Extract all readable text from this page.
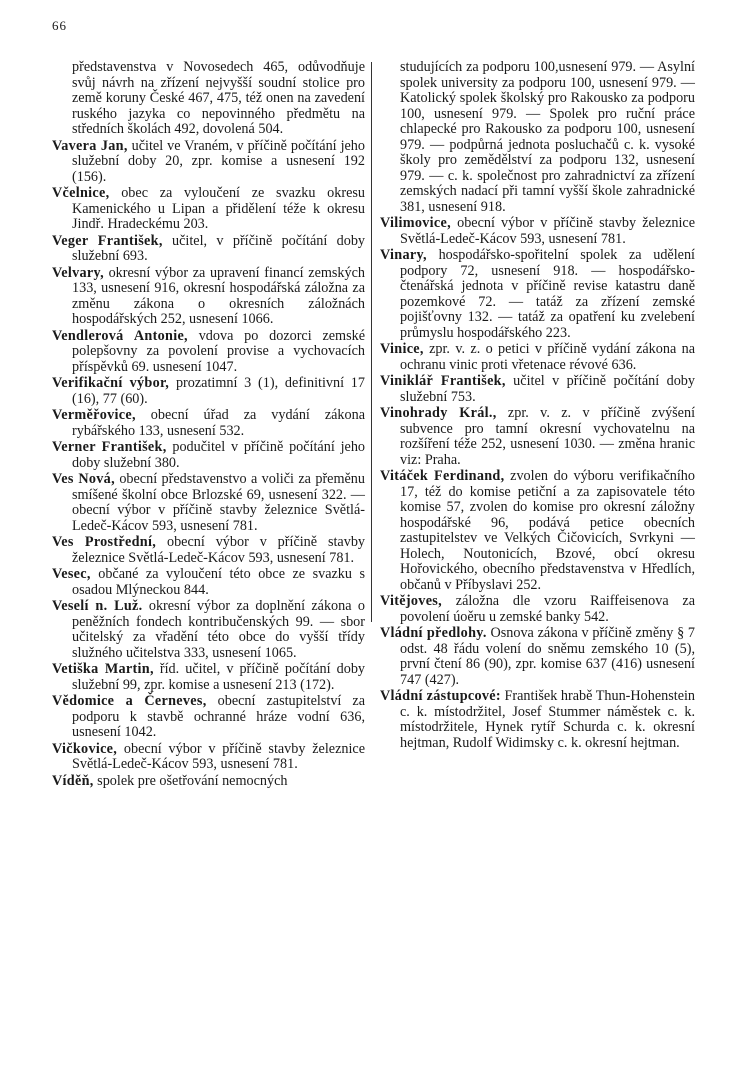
66

představenstva v Novosedech 465, odůvodňuje svůj návrh na zřízení nejvyšší soudní stolice pro země koruny České 467, 475, též onen na zavedení ruského jazyka co nepovinného předmětu na středních školách 492, dovolená 504.

Vavera Jan, učitel ve Vraném, v příčině počítání jeho služební doby 20, zpr. komise a usnesení 192 (156).

Včelnice, obec za vyloučení ze svazku okresu Kamenického u Lipan a přidělení téže k okresu Jindř. Hradeckému 203.

Veger František, učitel, v příčině počítání doby služební 693.

Velvary, okresní výbor za upravení financí zemských 133, usnesení 916, okresní hospodářská záložna za změnu zákona o okresních záložnách hospodářských 252, usnesení 1066.

Vendlerová Antonie, vdova po dozorci zemské polepšovny za povolení provise a vychovacích příspěvků 69. usnesení 1047.

Verifikační výbor, prozatimní 3 (1), definitivní 17 (16), 77 (60).

Verměřovice, obecní úřad za vydání zákona rybářského 133, usnesení 532.

Verner František, podučitel v příčině počítání jeho doby služební 380.

Ves Nová, obecní představenstvo a voliči za přeměnu smíšené školní obce Brlozské 69, usnesení 322. — obecní výbor v příčině stavby železnice Světlá-Ledeč-Kácov 593, usnesení 781.

Ves Prostřední, obecní výbor v příčině stavby železnice Světlá-Ledeč-Kácov 593, usnesení 781.

Vesec, občané za vyloučení této obce ze svazku s osadou Mlýneckou 844.

Veselí n. Luž. okresní výbor za doplnění zákona o peněžních fondech kontribučenských 99. — sbor učitelský za vřadění této obce do vyšší třídy služného učitelstva 333, usnesení 1065.

Vetiška Martin, říd. učitel, v příčině počítání doby služební 99, zpr. komise a usnesení 213 (172).

Vědomice a Černeves, obecní zastupitelství za podporu k stavbě ochranné hráze vodní 636, usnesení 1042.

Vičkovice, obecní výbor v příčině stavby železnice Světlá-Ledeč-Kácov 593, usnesení 781.

Víděň, spolek pre ošetřování nemocných

studujících za podporu 100,usnesení 979. — Asylní spolek university za podporu 100, usnesení 979. — Katolický spolek školský pro Rakousko za podporu 100, usnesení 979. — Spolek pro ruční práce chlapecké pro Rakousko za podporu 100, usnesení 979. — podpůrná jednota posluchačů c. k. vysoké školy pro zemědělství za podporu 132, usnesení 979. — c. k. společnost pro zahradnictví za zřízení zemských nadací při tamní vyšší škole zahradnické 381, usnesení 918.

Vilimovice, obecní výbor v příčině stavby železnice Světlá-Ledeč-Kácov 593, usnesení 781.

Vinary, hospodářsko-spořitelní spolek za udělení podpory 72, usnesení 918. — hospodářsko-čtenářská jednota v příčině revise katastru daně pozemkové 72. — tatáž za zřízení zemské pojišťovny 132. — tatáž za opatření ku zvelebení průmyslu hospodářského 223.

Vinice, zpr. v. z. o petici v příčině vydání zákona na ochranu vinic proti vřetenace révové 636.

Viniklář František, učitel v příčině počítání doby služební 753.

Vinohrady Král., zpr. v. z. v příčině zvýšení subvence pro tamní okresní vychovatelnu na rozšíření téže 252, usnesení 1030. — změna hranic viz: Praha.

Vitáček Ferdinand, zvolen do výboru verifikačního 17, též do komise petiční a za zapisovatele této komise 57, zvolen do komise pro okresní záložny hospodářské 96, podává petice obecních zastupitelstev ve Velkých Čičovicích, Svrkyni — Holech, Noutonicích, Bzové, obcí okresu Hořovického, obecního představenstva v Hředlích, občanů v Příbyslavi 252.

Vitějoves, záložna dle vzoru Raiffeisenova za povolení úoěru u zemské banky 542.

Vládní předlohy. Osnova zákona v příčině změny § 7 odst. 48 řádu volení do sněmu zemského 10 (5), první čtení 86 (90), zpr. komise 637 (416) usnesení 747 (427).

Vládní zástupcové: František hrabě Thun-Hohenstein c. k. místodržitel, Josef Stummer náměstek c. k. místodržitele, Hynek rytíř Schurda c. k. okresní hejtman, Rudolf Widimsky c. k. okresní hejtman.
